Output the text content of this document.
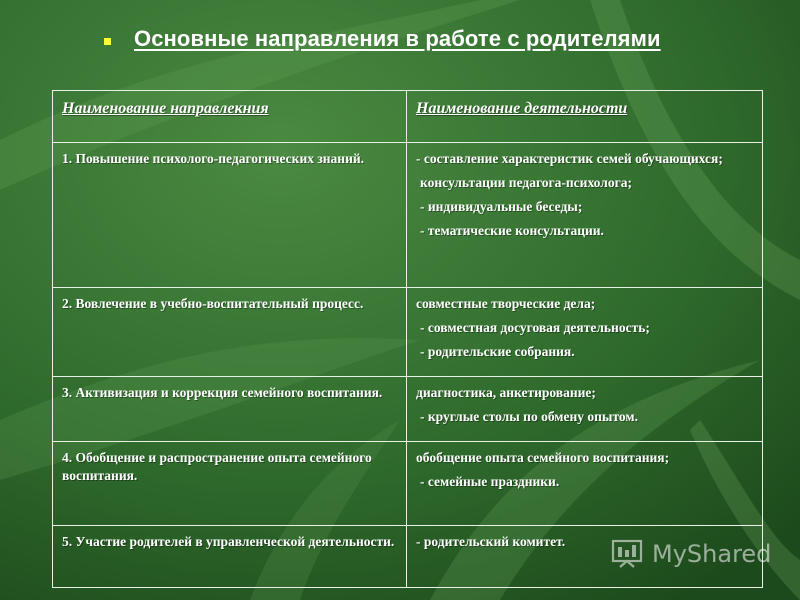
Основные направления в работе с родителями
Наименование направлекния	Наименование деятельности
1. Повышение психолого-педагогических знаний.	- составление характеристик семей обучающихся;
консультации педагога-психолога;
- индивидуальные беседы;
- тематические консультации.

2. Вовлечение в учебно-воспитательный процесс.	совместные творческие дела;
- совместная досуговая деятельность;
- родительские собрания.

3. Активизация и коррекция семейного воспитания.	диагностика, анкетирование;
- круглые столы по обмену опытом.

4. Обобщение и распространение опыта семейного воспитания.	обобщение опыта семейного воспитания;
- семейные праздники.

5. Участие родителей в управленческой деятельности.	- родительский комитет.	MyShared
